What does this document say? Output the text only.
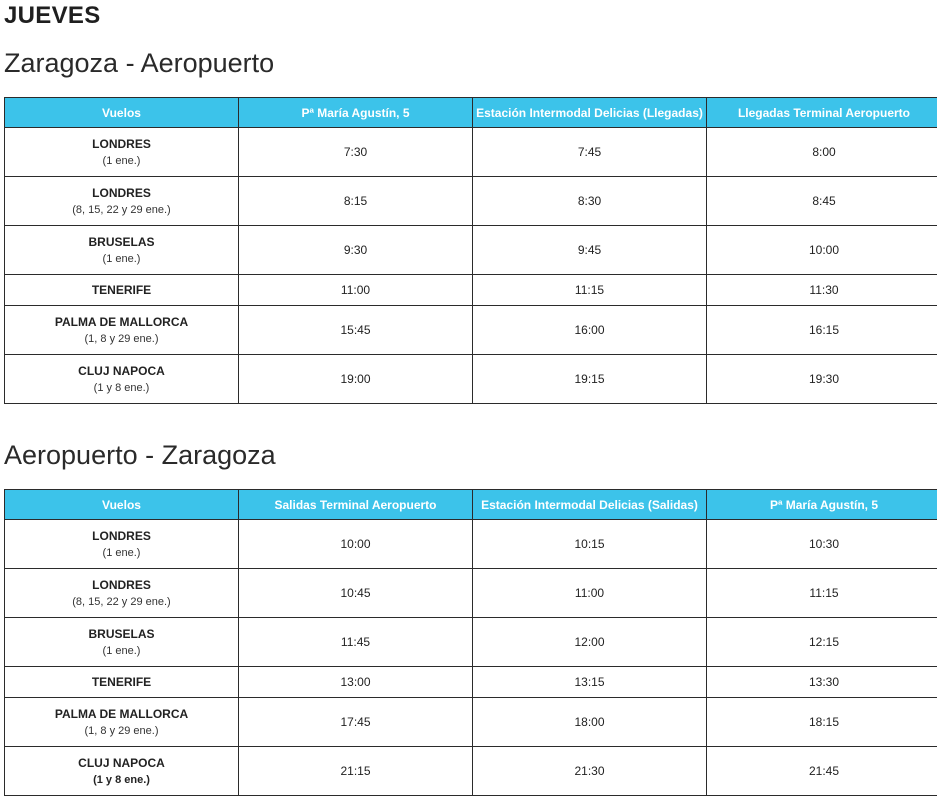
JUEVES
Zaragoza - Aeropuerto
Vuelos	Pª María Agustín, 5	Estación Intermodal Delicias (Llegadas)	Llegadas Terminal Aeropuerto

LONDRES
(1 ene.)	7:30	7:45	8:00

LONDRES
(8, 15, 22 y 29 ene.)	8:15	8:30	8:45

BRUSELAS
(1 ene.)	9:30	9:45	10:00

TENERIFE	11:00	11:15	11:30

PALMA DE MALLORCA
(1, 8 y 29 ene.)	15:45	16:00	16:15

CLUJ NAPOCA
(1 y 8 ene.)	19:00	19:15	19:30
Aeropuerto - Zaragoza
Vuelos	Salidas Terminal Aeropuerto	Estación Intermodal Delicias (Salidas)	Pª María Agustín, 5

LONDRES
(1 ene.)	10:00	10:15	10:30

LONDRES
(8, 15, 22 y 29 ene.)	10:45	11:00	11:15

BRUSELAS
(1 ene.)	11:45	12:00	12:15

TENERIFE	13:00	13:15	13:30

PALMA DE MALLORCA
(1, 8 y 29 ene.)	17:45	18:00	18:15

CLUJ NAPOCA
(1 y 8 ene.)	21:15	21:30	21:45
